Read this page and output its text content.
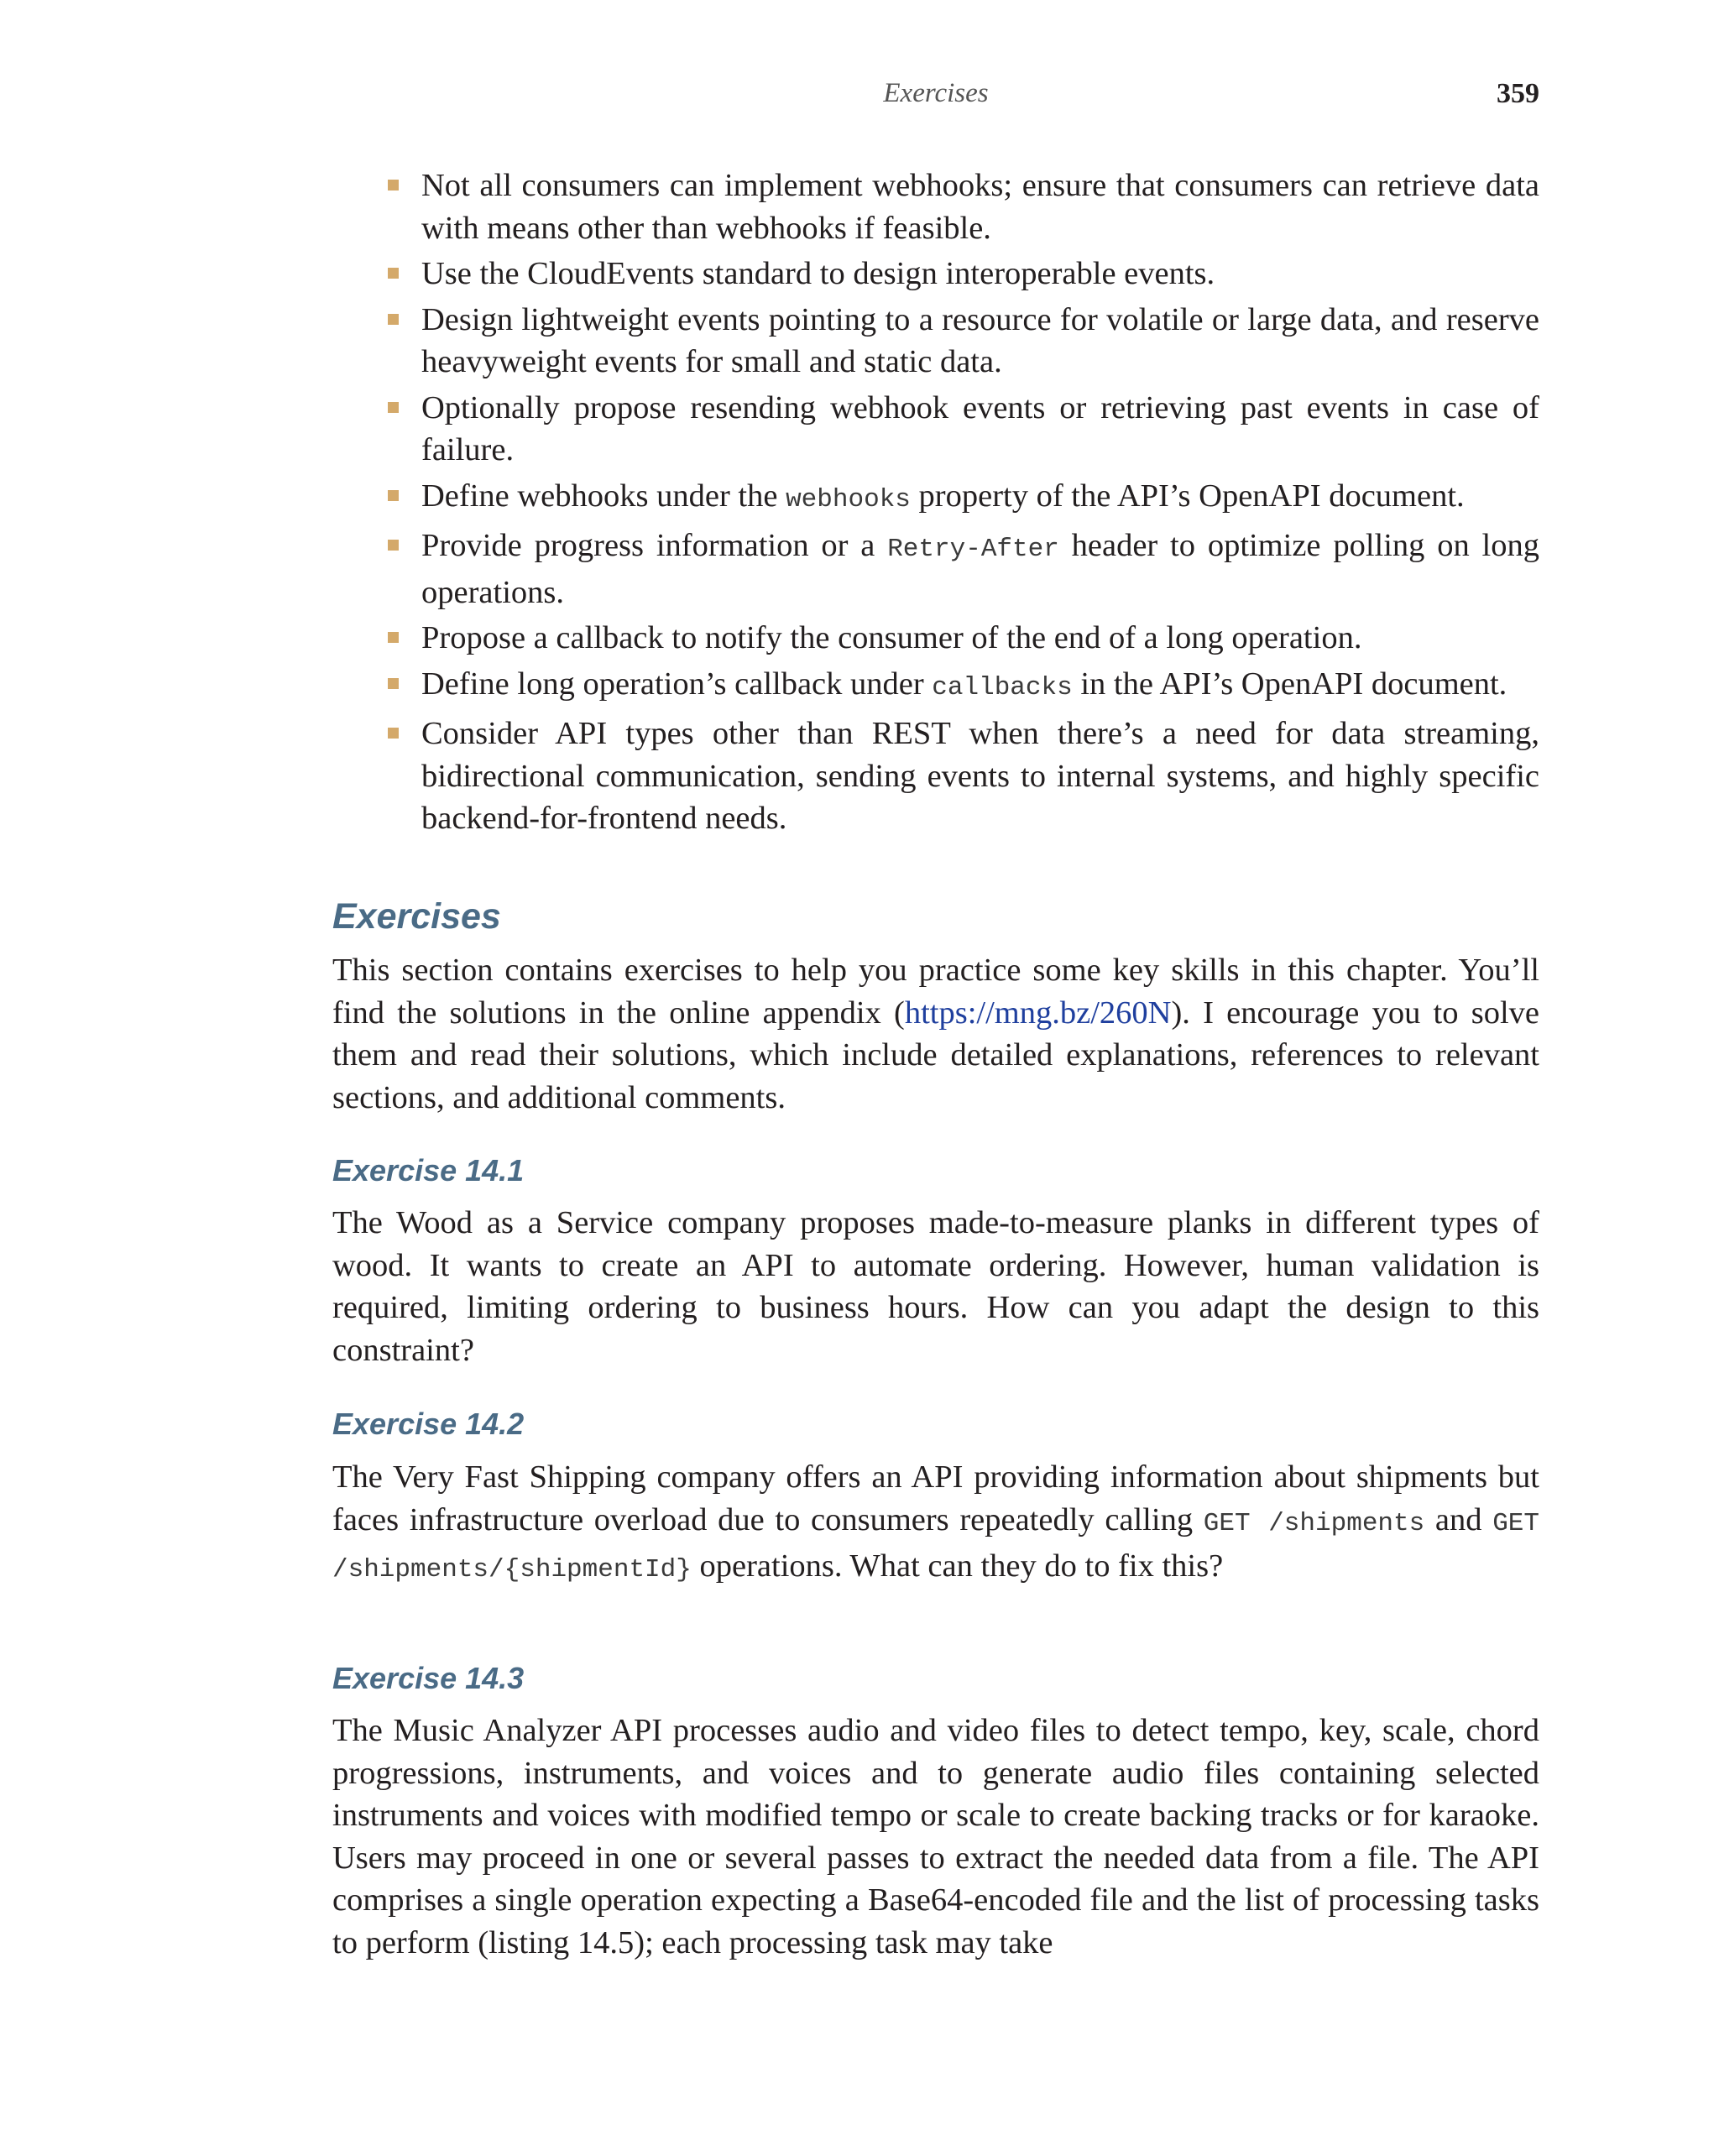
Exercises	359
Not all consumers can implement webhooks; ensure that consumers can retrieve data with means other than webhooks if feasible.
Use the CloudEvents standard to design interoperable events.
Design lightweight events pointing to a resource for volatile or large data, and reserve heavyweight events for small and static data.
Optionally propose resending webhook events or retrieving past events in case of failure.
Define webhooks under the webhooks property of the API’s OpenAPI document.
Provide progress information or a Retry-After header to optimize polling on long operations.
Propose a callback to notify the consumer of the end of a long operation.
Define long operation’s callback under callbacks in the API’s OpenAPI document.
Consider API types other than REST when there’s a need for data streaming, bidirectional communication, sending events to internal systems, and highly specific backend-for-frontend needs.
Exercises

This section contains exercises to help you practice some key skills in this chapter. You’ll find the solutions in the online appendix (https://mng.bz/260N). I encourage you to solve them and read their solutions, which include detailed explanations, references to relevant sections, and additional comments.

Exercise 14.1

The Wood as a Service company proposes made-to-measure planks in different types of wood. It wants to create an API to automate ordering. However, human validation is required, limiting ordering to business hours. How can you adapt the design to this constraint?

Exercise 14.2

The Very Fast Shipping company offers an API providing information about shipments but faces infrastructure overload due to consumers repeatedly calling GET /shipments and GET /shipments/{shipmentId} operations. What can they do to fix this?

Exercise 14.3

The Music Analyzer API processes audio and video files to detect tempo, key, scale, chord progressions, instruments, and voices and to generate audio files containing selected instruments and voices with modified tempo or scale to create backing tracks or for karaoke. Users may proceed in one or several passes to extract the needed data from a file. The API comprises a single operation expecting a Base64-encoded file and the list of processing tasks to perform (listing 14.5); each processing task may take
